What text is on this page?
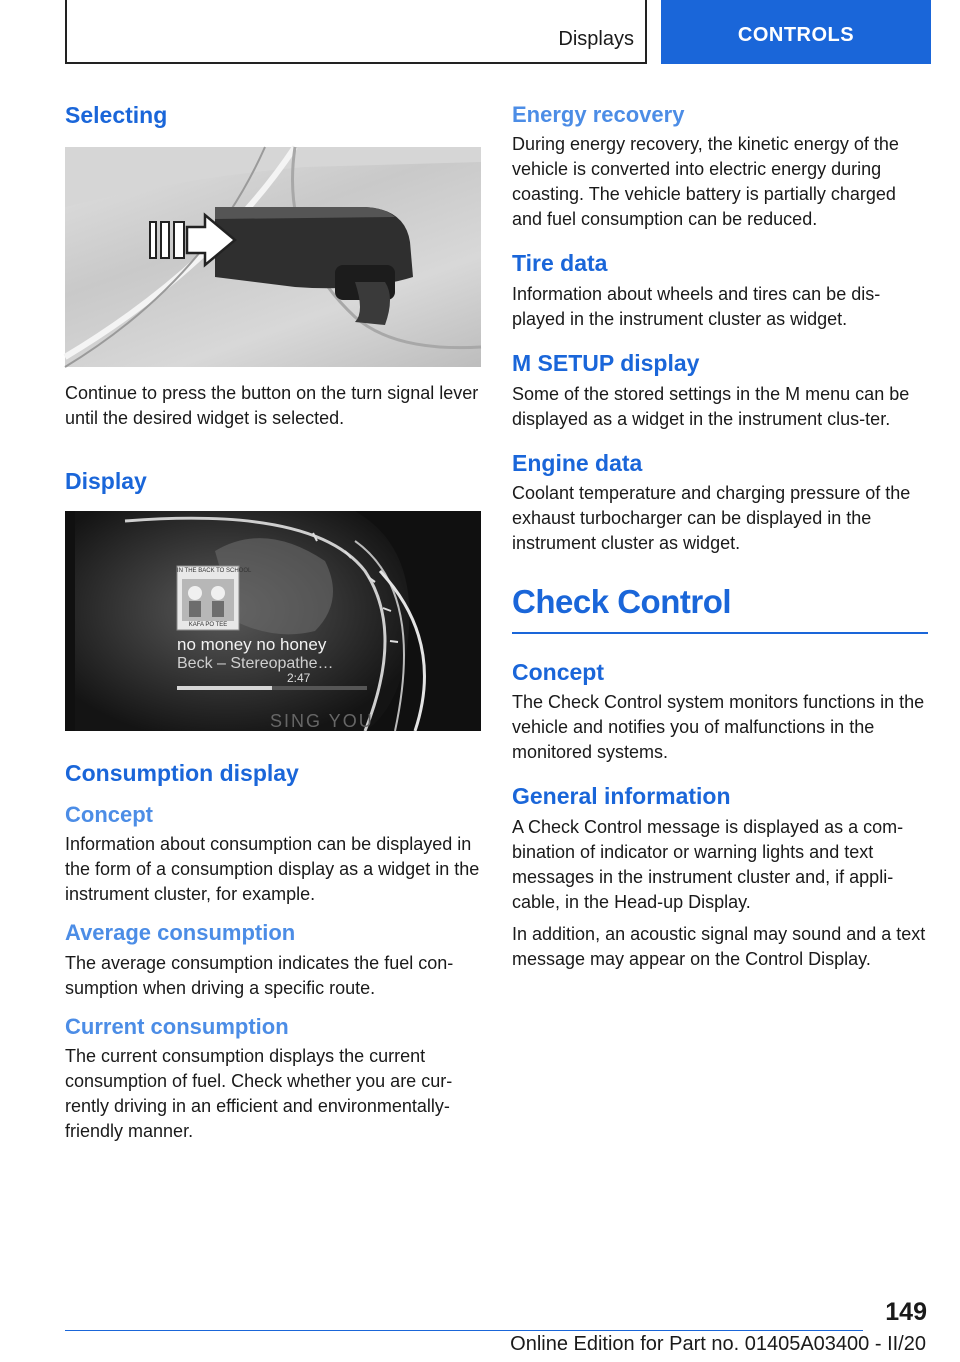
Displays	CONTROLS
Selecting

Continue to press the button on the turn signal lever until the desired widget is selected.

Display
IN THE BACK TO SCHOOL
KAFA PO TEE
no money no honey
Beck – Stereopathe…
2:47
SING YOU
Consumption display
Concept

Information about consumption can be displayed in the form of a consumption display as a widget in the instrument cluster, for example.

Average consumption

The average consumption indicates the fuel con-sumption when driving a specific route.

Current consumption

The current consumption displays the current consumption of fuel. Check whether you are cur-rently driving in an efficient and environmentally-friendly manner.

Energy recovery

During energy recovery, the kinetic energy of the vehicle is converted into electric energy during coasting. The vehicle battery is partially charged and fuel consumption can be reduced.

Tire data

Information about wheels and tires can be dis-played in the instrument cluster as widget.

M SETUP display

Some of the stored settings in the M menu can be displayed as a widget in the instrument clus-ter.

Engine data

Coolant temperature and charging pressure of the exhaust turbocharger can be displayed in the instrument cluster as widget.

Check Control
Concept

The Check Control system monitors functions in the vehicle and notifies you of malfunctions in the monitored systems.

General information

A Check Control message is displayed as a com-bination of indicator or warning lights and text messages in the instrument cluster and, if appli-cable, in the Head-up Display.

In addition, an acoustic signal may sound and a text message may appear on the Control Display.

149
Online Edition for Part no. 01405A03400 - II/20
